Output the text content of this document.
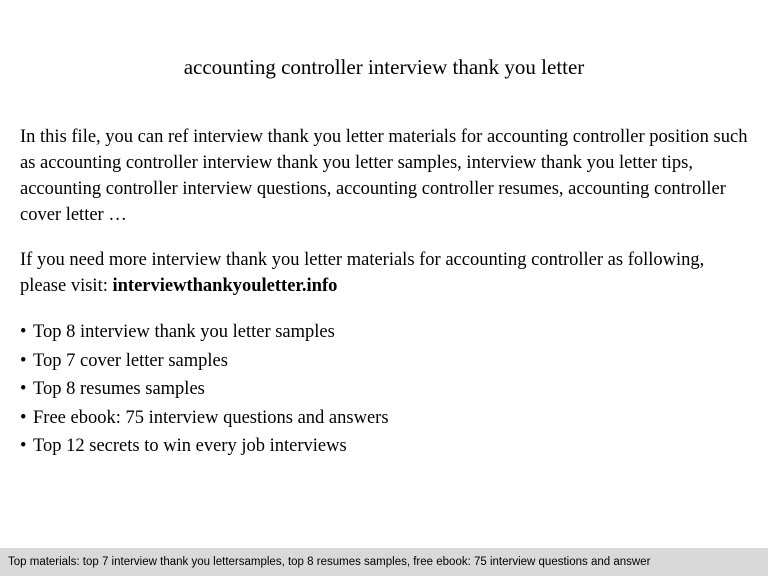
accounting controller interview thank you letter

In this file, you can ref interview thank you letter materials for accounting controller position such as accounting controller interview thank you letter samples, interview thank you letter tips, accounting controller interview questions, accounting controller resumes, accounting controller cover letter …

If you need more interview thank you letter materials for accounting controller as following, please visit: interviewthankyouletter.info

• Top 8 interview thank you letter samples
• Top 7 cover letter samples
• Top 8 resumes samples
• Free ebook: 75 interview questions and answers
• Top 12 secrets to win every job interviews
Top materials: top 7 interview thank you lettersamples, top 8 resumes samples, free ebook: 75 interview questions and answer
